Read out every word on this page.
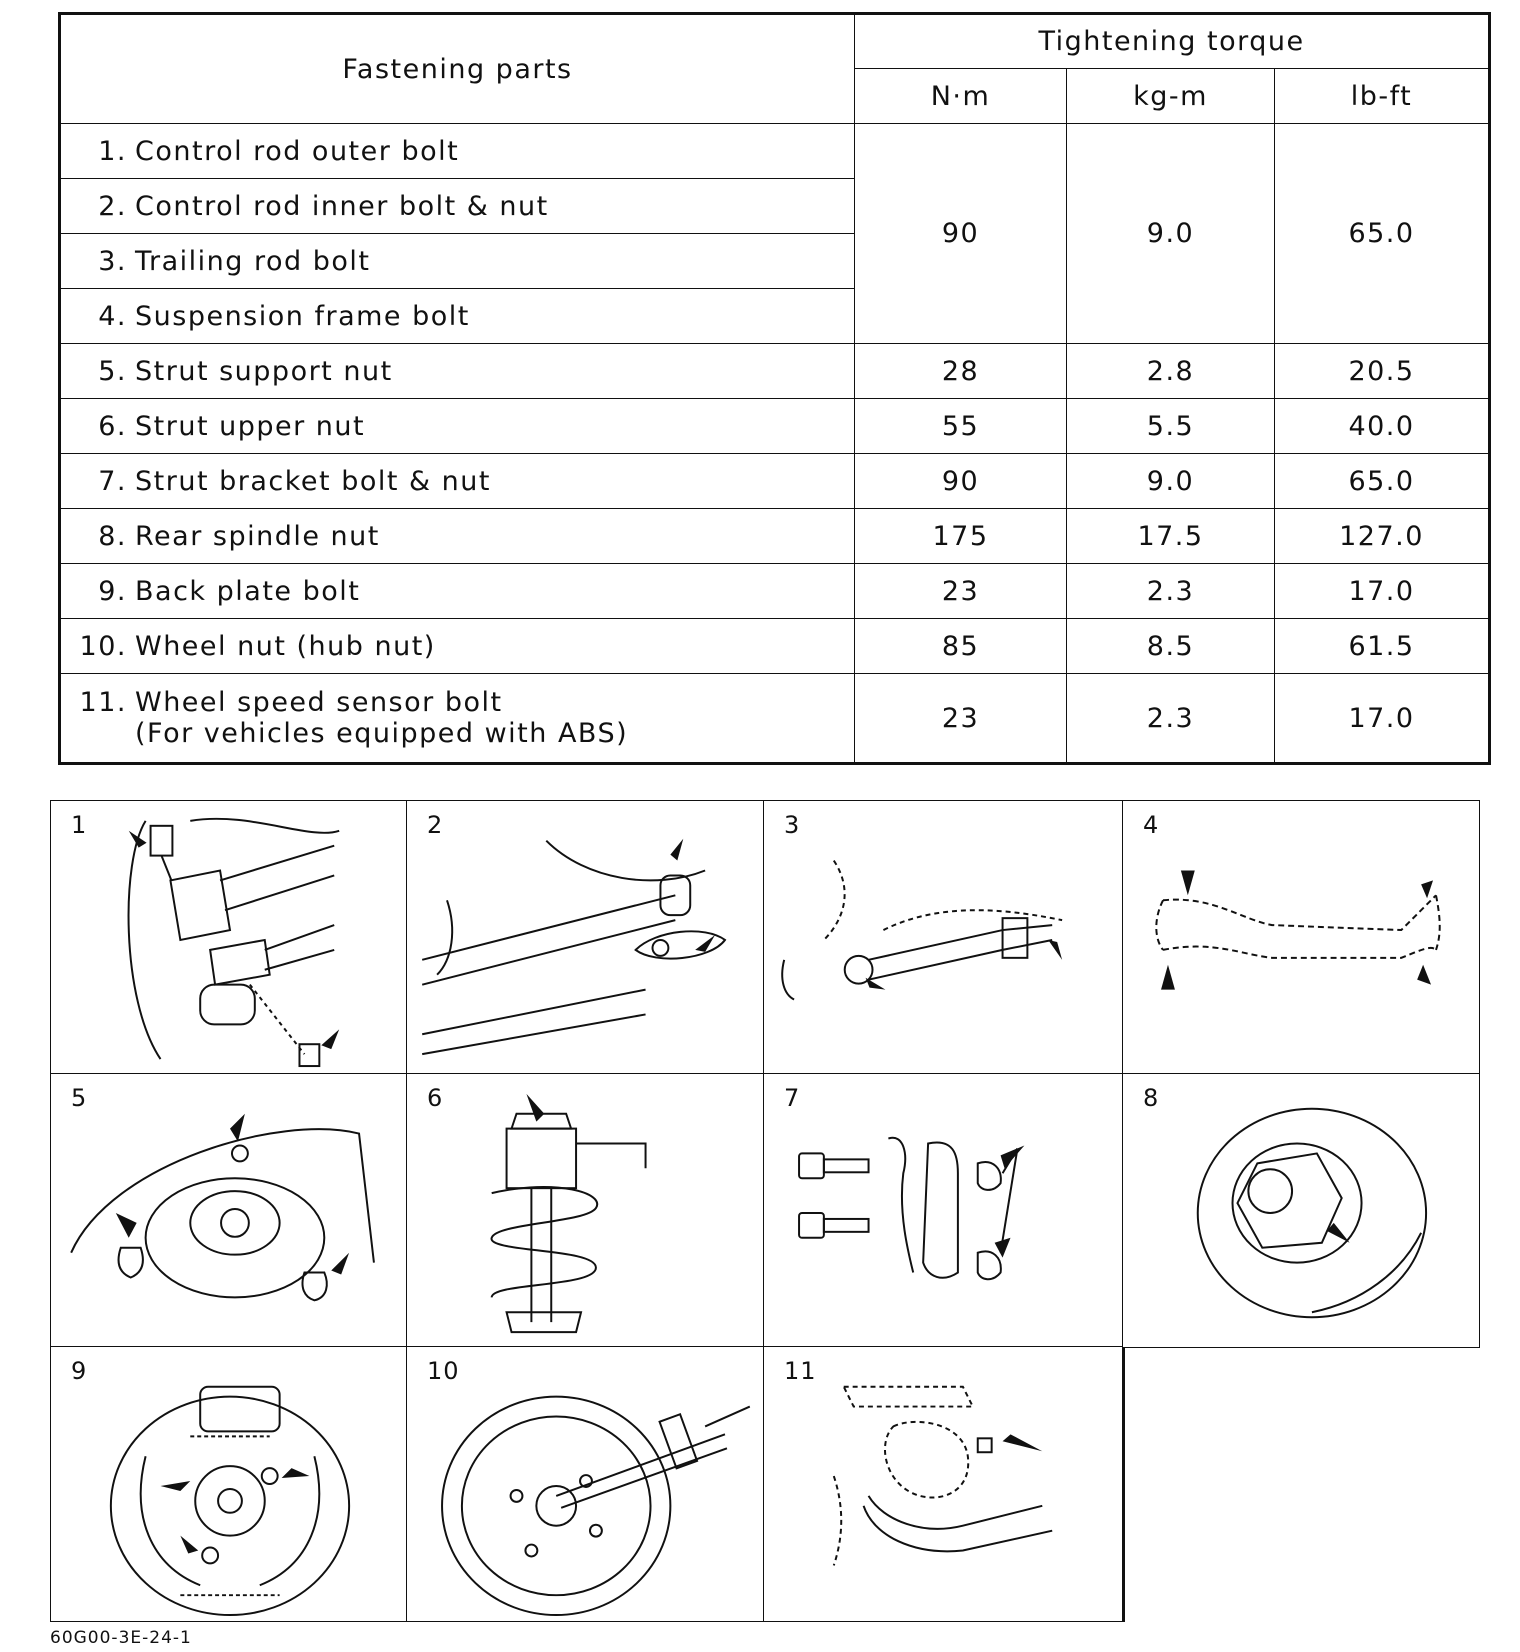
Fastening parts	Tightening torque		
	N·m	kg-m	lb-ft
1. Control rod outer bolt	90	9.0	65.0
2. Control rod inner bolt & nut			
3. Trailing rod bolt			
4. Suspension frame bolt			
5. Strut support nut	28	2.8	20.5
6. Strut upper nut	55	5.5	40.0
7. Strut bracket bolt & nut	90	9.0	65.0
8. Rear spindle nut	175	17.5	127.0
9. Back plate bolt	23	2.3	17.0
10. Wheel nut (hub nut)	85	8.5	61.5
11. Wheel speed sensor bolt
(For vehicles equipped with ABS)	23	2.3	17.0
1	2	3	4
5	6	7	8
9	10	11
60G00-3E-24-1
